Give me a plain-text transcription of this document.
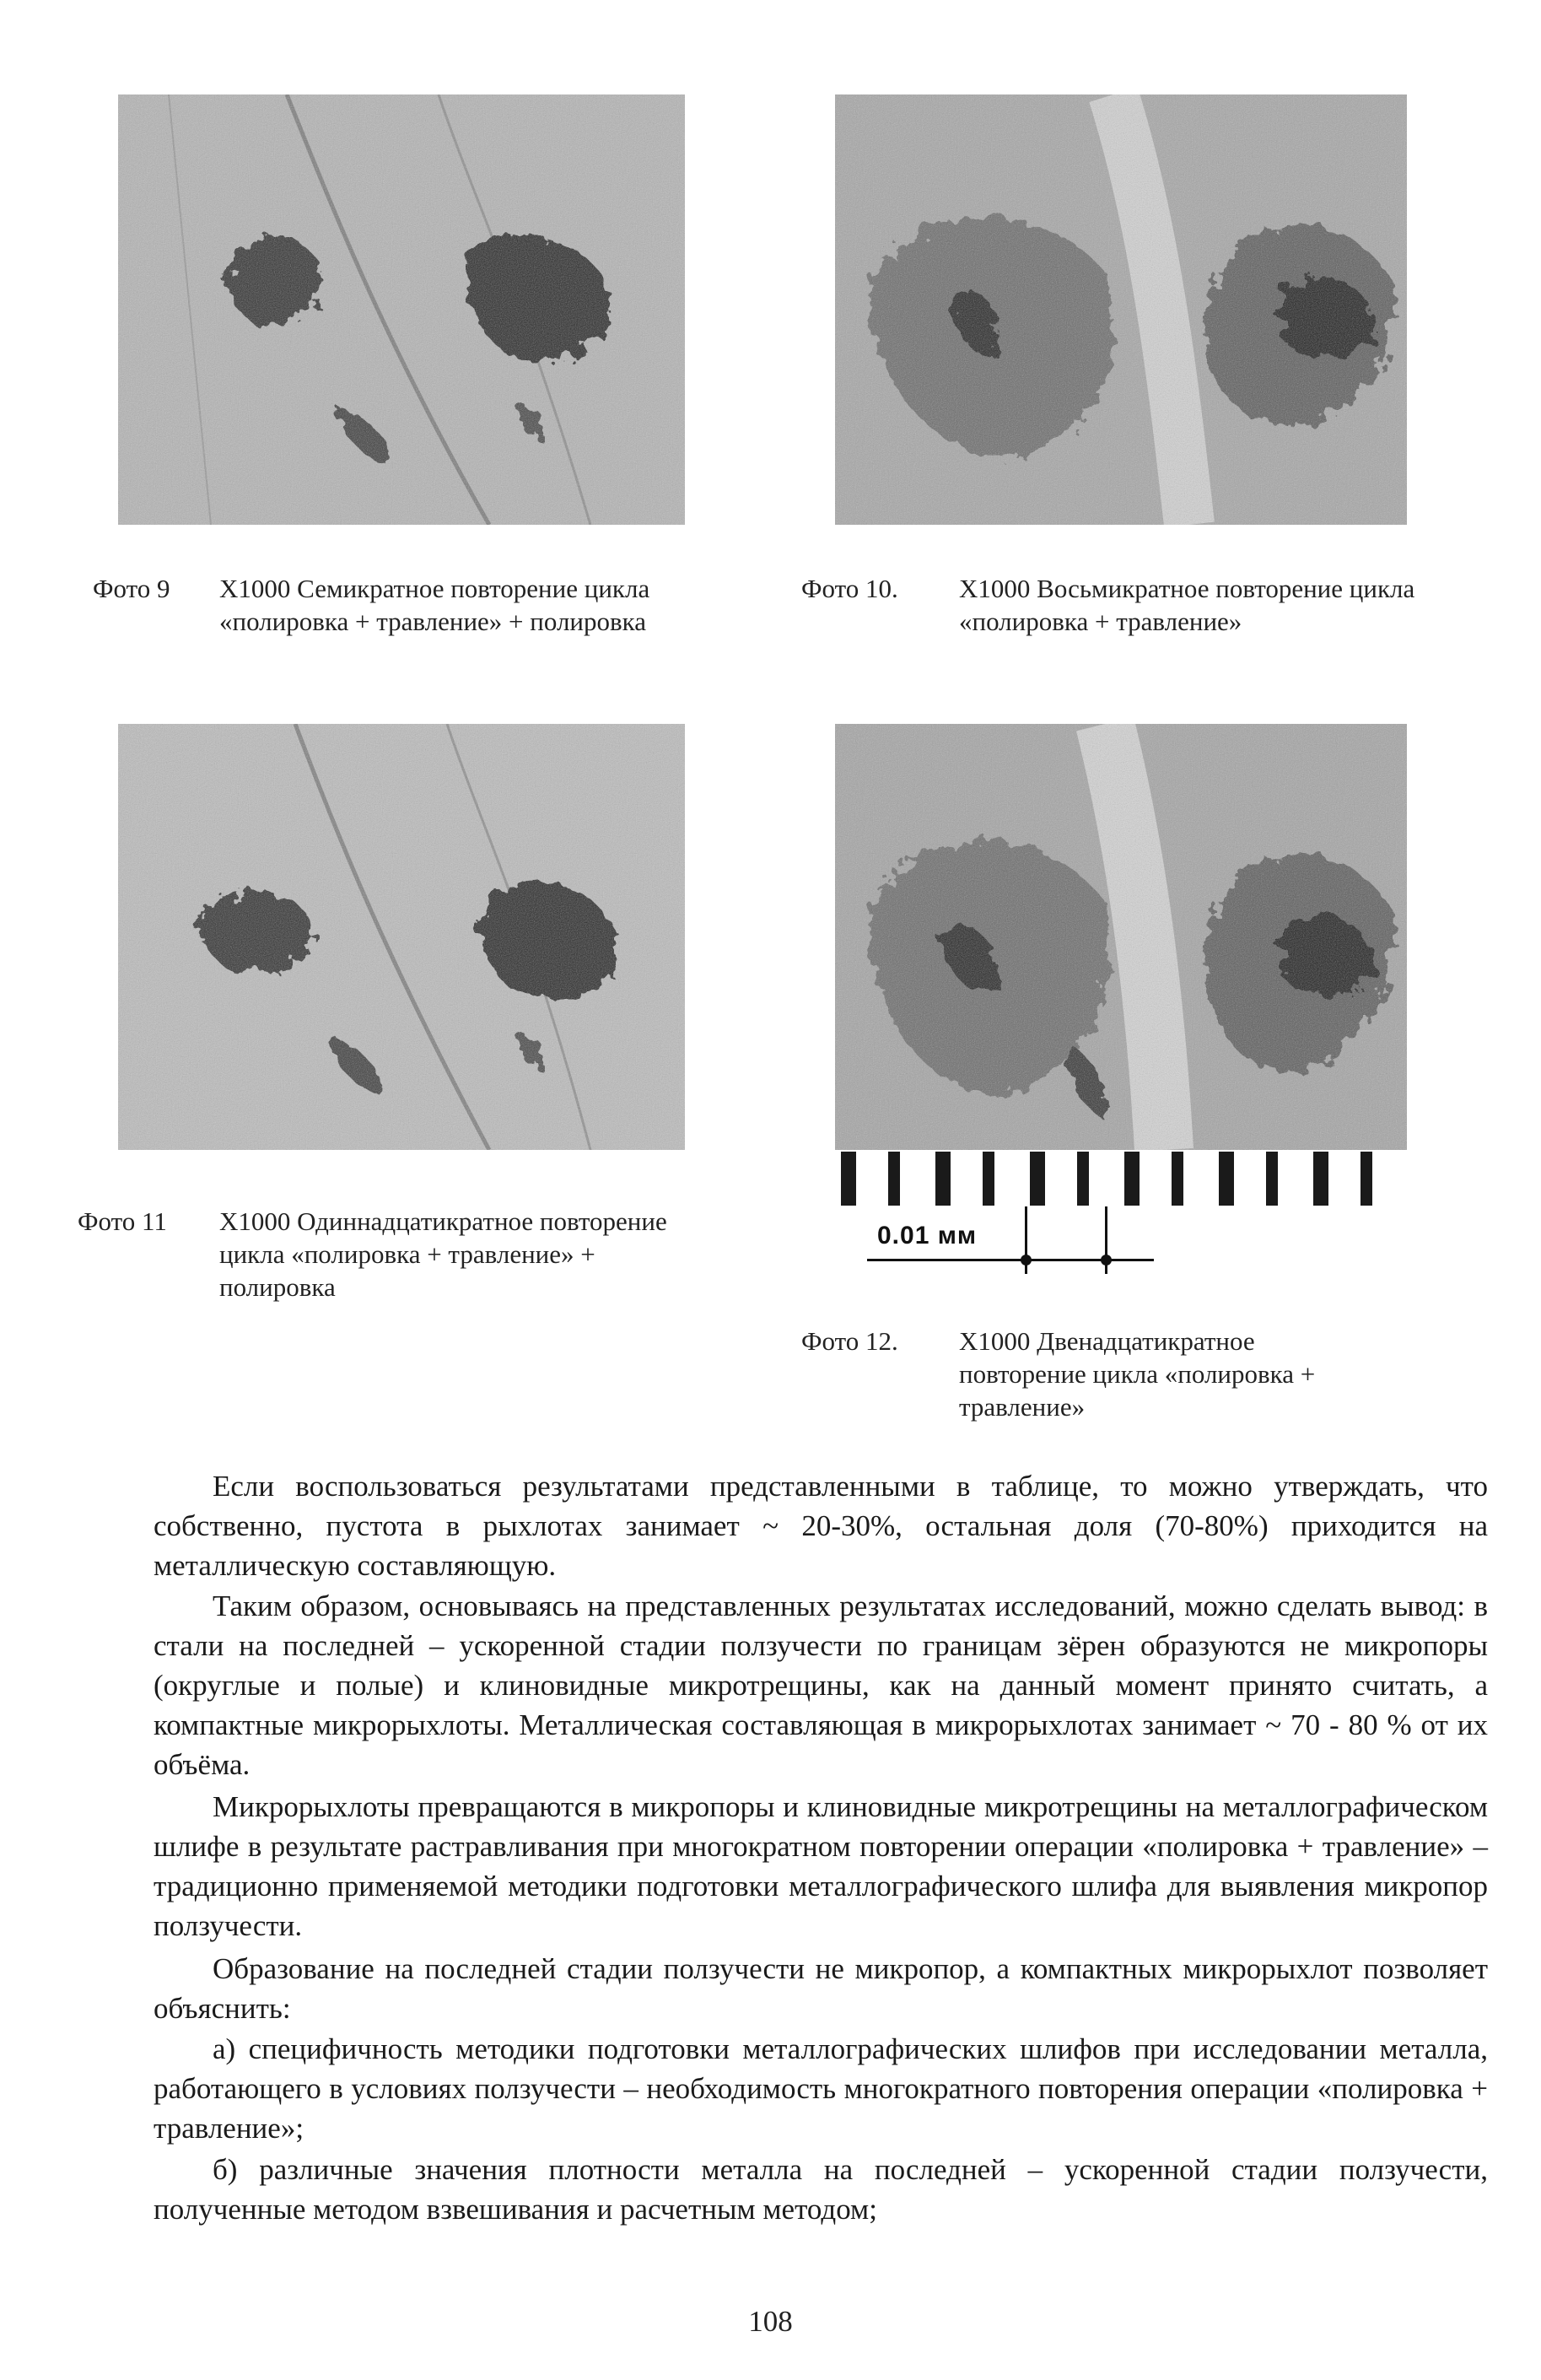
Фото 9 Х1000 Семикратное повторение цикла «полировка + травление» + полировка
Фото 10. Х1000 Восьмикратное повторение цикла «полировка + травление»
Фото 11 Х1000 Одиннадцатикратное повторение цикла «полировка + травление» + полировка
0.01 мм
Фото 12. Х1000 Двенадцатикратное повторение цикла «полировка + травление»

Если воспользоваться результатами представленными в таблице, то можно утверждать, что собственно, пустота в рыхлотах занимает ~ 20-30%, остальная доля (70-80%) приходится на металлическую составляющую.

Таким образом, основываясь на представленных результатах исследований, можно сделать вывод: в стали на последней – ускоренной стадии ползучести по границам зёрен образуются не микропоры (округлые и полые) и клиновидные микротрещины, как на данный момент принято считать, а компактные микрорыхлоты. Металлическая составляющая в микрорыхлотах занимает ~ 70 - 80 % от их объёма.

Микрорыхлоты превращаются в микропоры и клиновидные микротрещины на металлографическом шлифе в результате растравливания при многократном повторении операции «полировка + травление» – традиционно применяемой методики подготовки металлографического шлифа для выявления микропор ползучести.

Образование на последней стадии ползучести не микропор, а компактных микрорыхлот позволяет объяснить:

а) специфичность методики подготовки металлографических шлифов при исследовании металла, работающего в условиях ползучести – необходимость многократного повторения операции «полировка + травление»;

б) различные значения плотности металла на последней – ускоренной стадии ползучести, полученные методом взвешивания и расчетным методом;

108
